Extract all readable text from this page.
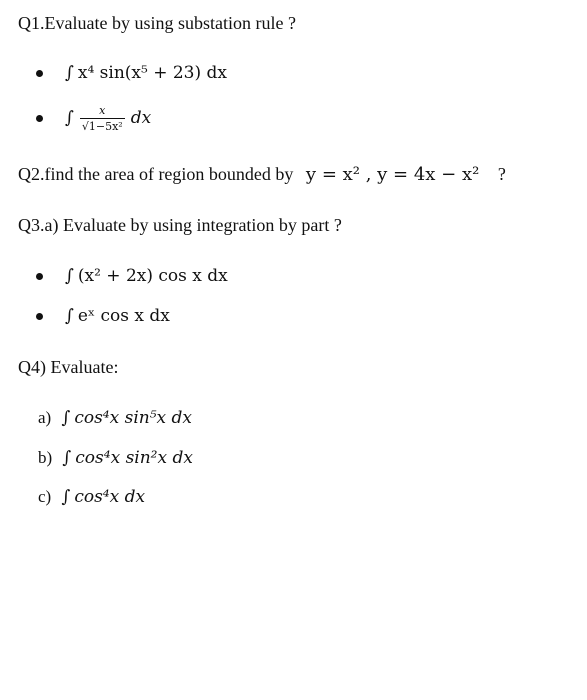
Q1.Evaluate by using substation rule ?
∫ x⁴ sin(x⁵ + 23) dx
∫ $\frac{x}{\text{√1−5x²}}$ dx
Q2.find the area of region bounded by y = x² , y = 4x − x² ?
Q3.a) Evaluate by using integration by part ?
∫ (x² + 2x) cos x dx
∫ eˣ cos x dx
Q4) Evaluate:
a) ∫ cos⁴x sin⁵x dx
b) ∫ cos⁴x sin²x dx
c) ∫ cos⁴x dx
